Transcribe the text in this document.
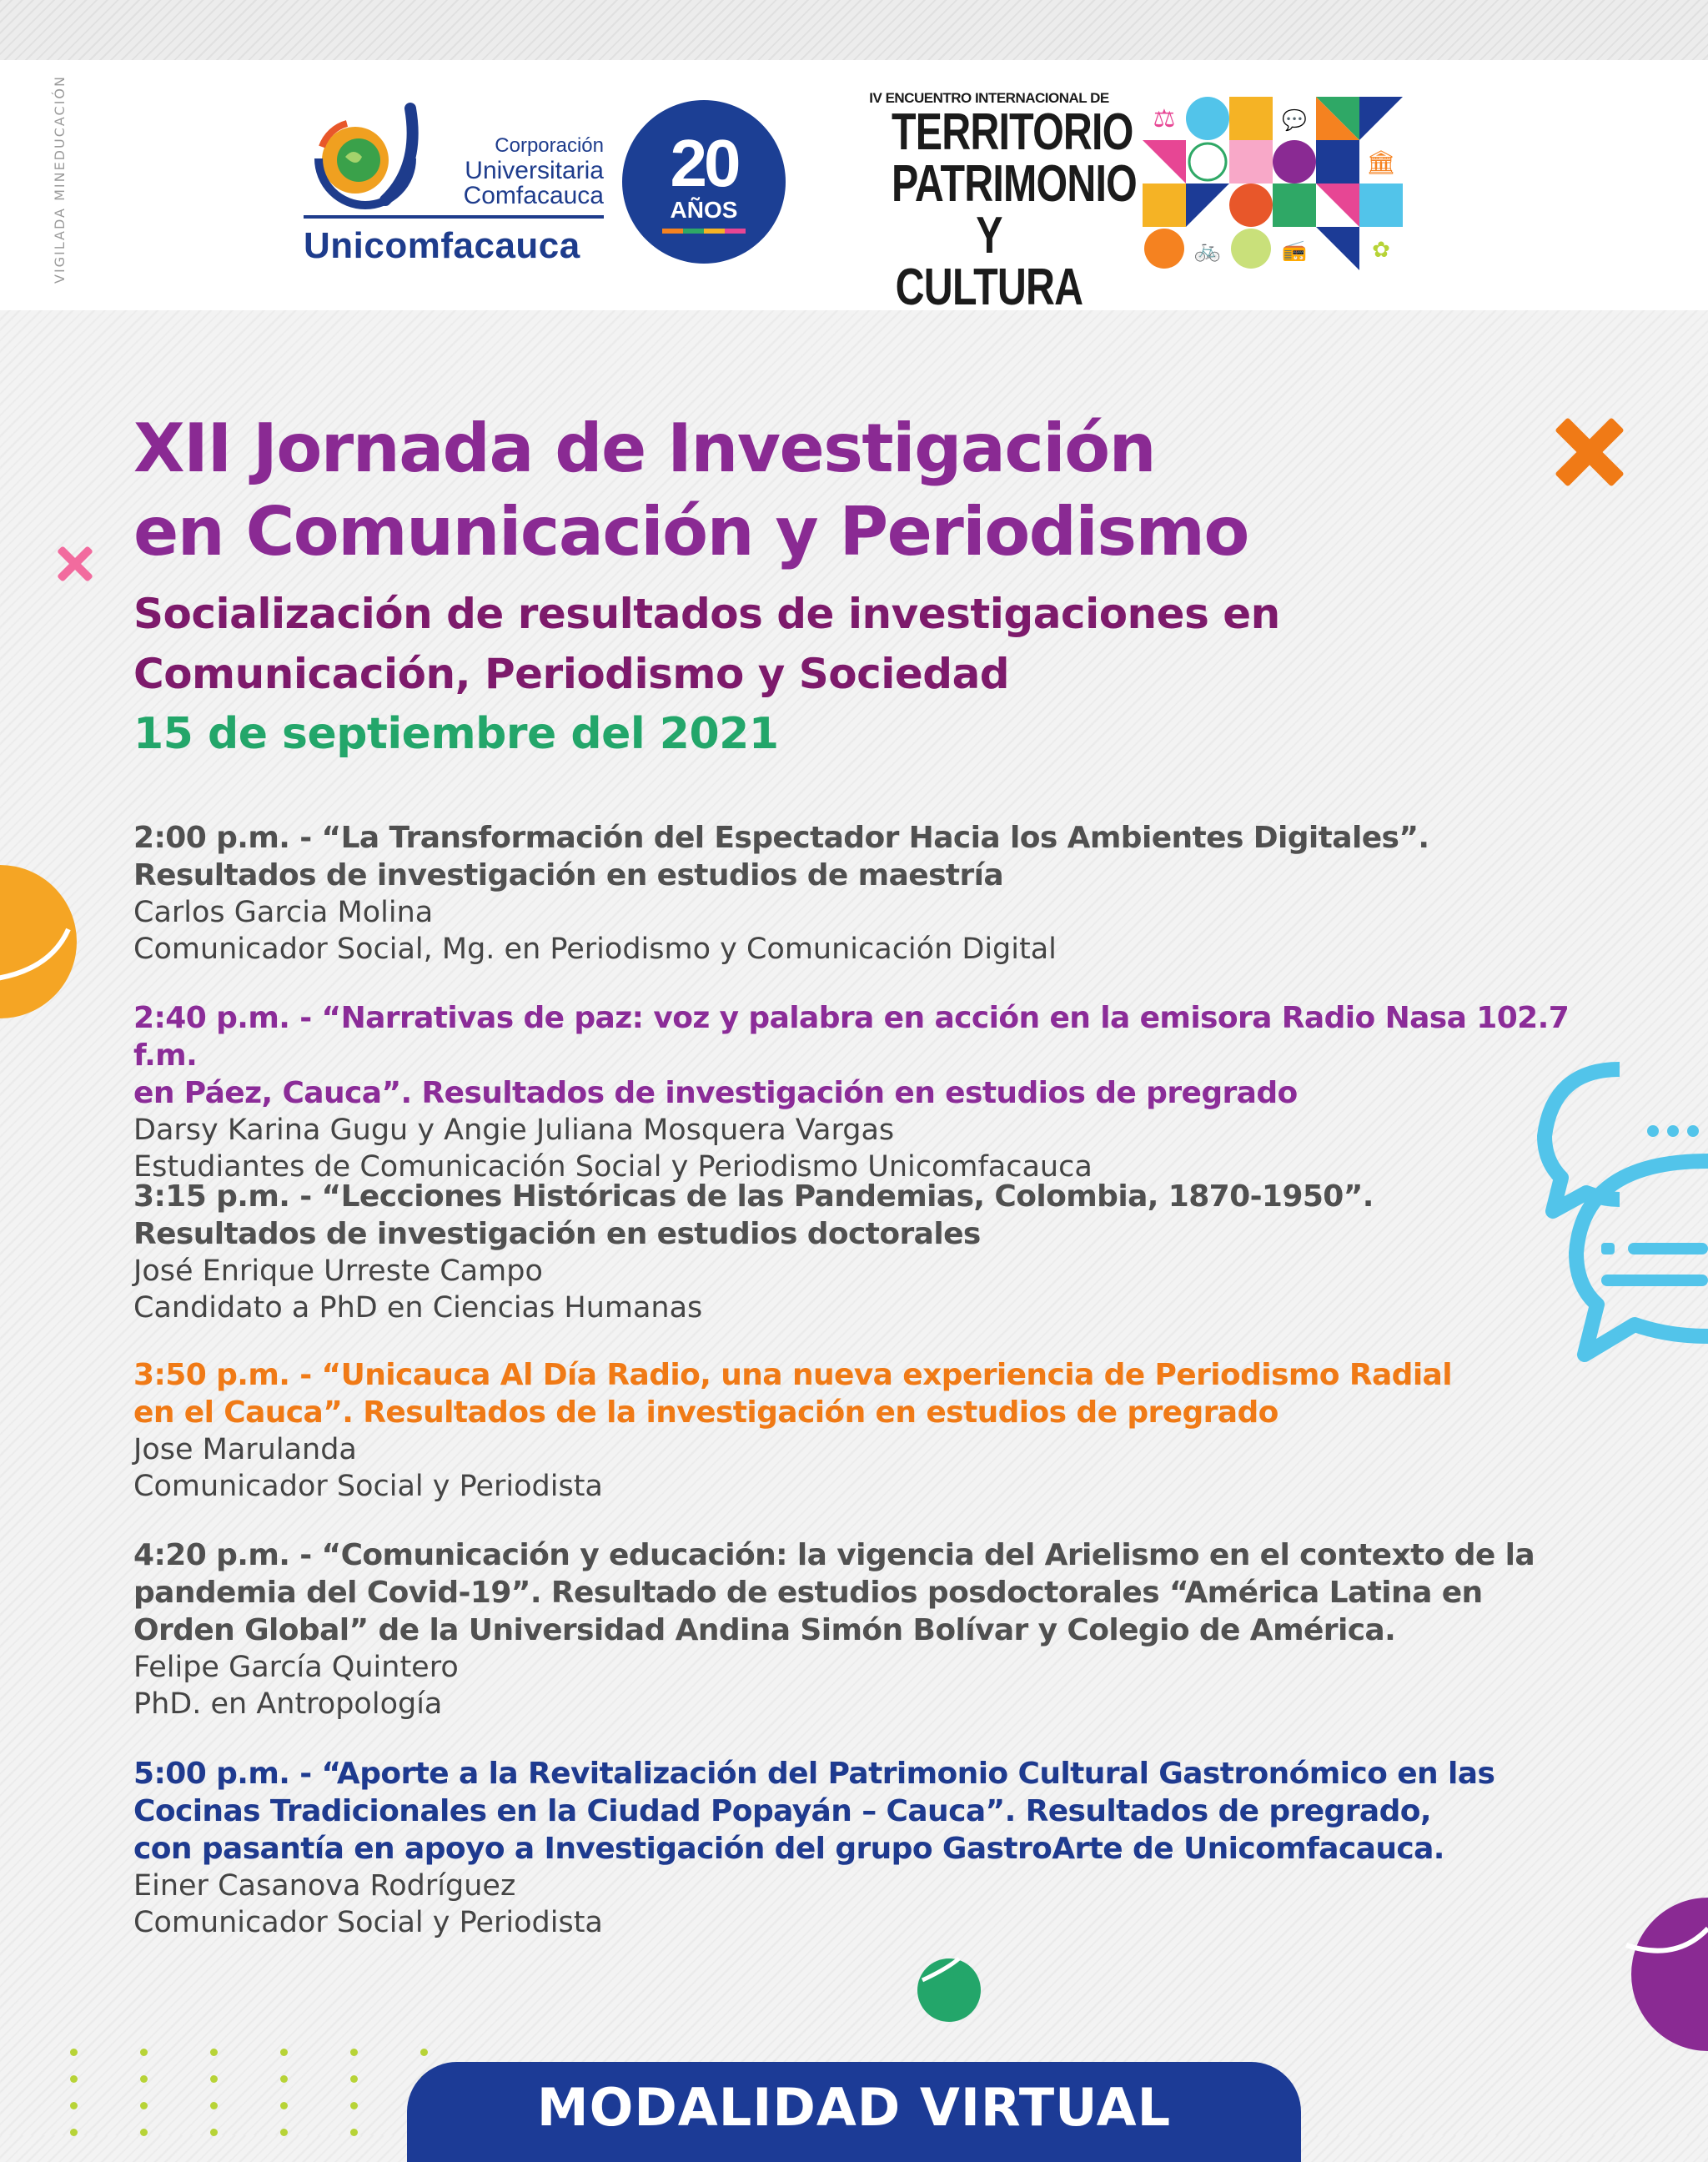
VIGILADA MINEDUCACIÓN	Corporación
Universitaria
Comfacauca
Unicomfacauca
20
AÑOS
IV ENCUENTRO INTERNACIONAL DE
TERRITORIO
PATRIMONIO
Y CULTURA
⚖	💬
🏛
🚲	📻	✿
XII Jornada de Investigación
en Comunicación y Periodismo
Socialización de resultados de investigaciones en
Comunicación, Periodismo y Sociedad
15 de septiembre del 2021
2:00 p.m. - “La Transformación del Espectador Hacia los Ambientes Digitales”.
Resultados de investigación en estudios de maestría
Carlos Garcia Molina
Comunicador Social, Mg. en Periodismo y Comunicación Digital
2:40 p.m. - “Narrativas de paz: voz y palabra en acción en la emisora Radio Nasa 102.7 f.m.
en Páez, Cauca”. Resultados de investigación en estudios de pregrado
Darsy Karina Gugu y Angie Juliana Mosquera Vargas
Estudiantes de Comunicación Social y Periodismo Unicomfacauca
3:15 p.m. - “Lecciones Históricas de las Pandemias, Colombia, 1870-1950”.
Resultados de investigación en estudios doctorales
José Enrique Urreste Campo
Candidato a PhD en Ciencias Humanas
3:50 p.m. - “Unicauca Al Día Radio, una nueva experiencia de Periodismo Radial
en el Cauca”. Resultados de la investigación en estudios de pregrado
Jose Marulanda
Comunicador Social y Periodista
4:20 p.m. - “Comunicación y educación: la vigencia del Arielismo en el contexto de la
pandemia del Covid-19”. Resultado de estudios posdoctorales “América Latina en
Orden Global” de la Universidad Andina Simón Bolívar y Colegio de América.
Felipe García Quintero
PhD. en Antropología
5:00 p.m. - “Aporte a la Revitalización del Patrimonio Cultural Gastronómico en las
Cocinas Tradicionales en la Ciudad Popayán – Cauca”. Resultados de pregrado,
con pasantía en apoyo a Investigación del grupo GastroArte de Unicomfacauca.
Einer Casanova Rodríguez
Comunicador Social y Periodista
MODALIDAD VIRTUAL
